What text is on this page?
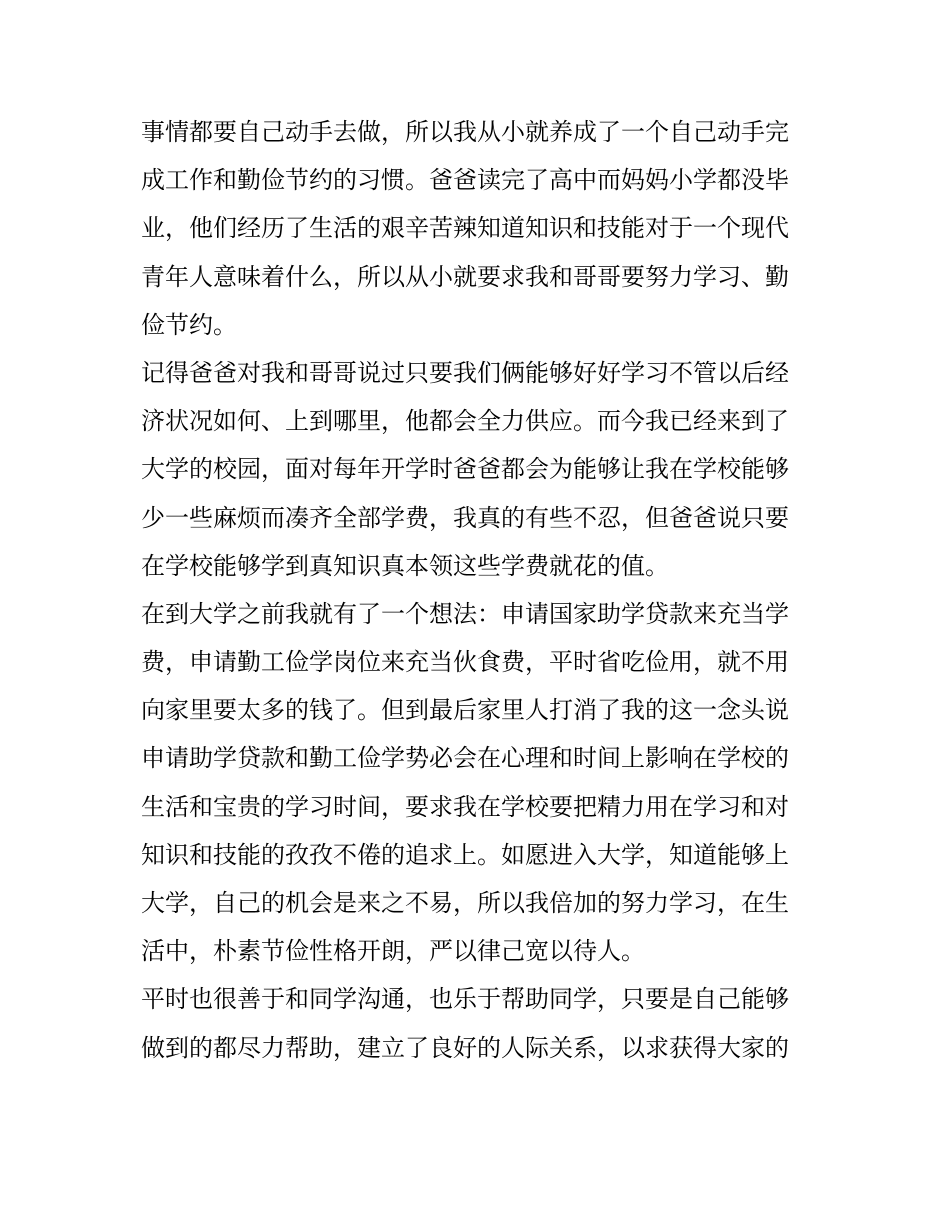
事情都要自己动手去做，所以我从小就养成了一个自己动手完
成工作和勤俭节约的习惯。爸爸读完了高中而妈妈小学都没毕
业，他们经历了生活的艰辛苦辣知道知识和技能对于一个现代
青年人意味着什么，所以从小就要求我和哥哥要努力学习、勤
俭节约。
记得爸爸对我和哥哥说过只要我们俩能够好好学习不管以后经
济状况如何、上到哪里，他都会全力供应。而今我已经来到了
大学的校园，面对每年开学时爸爸都会为能够让我在学校能够
少一些麻烦而凑齐全部学费，我真的有些不忍，但爸爸说只要
在学校能够学到真知识真本领这些学费就花的值。
在到大学之前我就有了一个想法：申请国家助学贷款来充当学
费，申请勤工俭学岗位来充当伙食费，平时省吃俭用，就不用
向家里要太多的钱了。但到最后家里人打消了我的这一念头说
申请助学贷款和勤工俭学势必会在心理和时间上影响在学校的
生活和宝贵的学习时间，要求我在学校要把精力用在学习和对
知识和技能的孜孜不倦的追求上。如愿进入大学，知道能够上
大学，自己的机会是来之不易，所以我倍加的努力学习，在生
活中，朴素节俭性格开朗，严以律己宽以待人。
平时也很善于和同学沟通，也乐于帮助同学，只要是自己能够
做到的都尽力帮助，建立了良好的人际关系，以求获得大家的
